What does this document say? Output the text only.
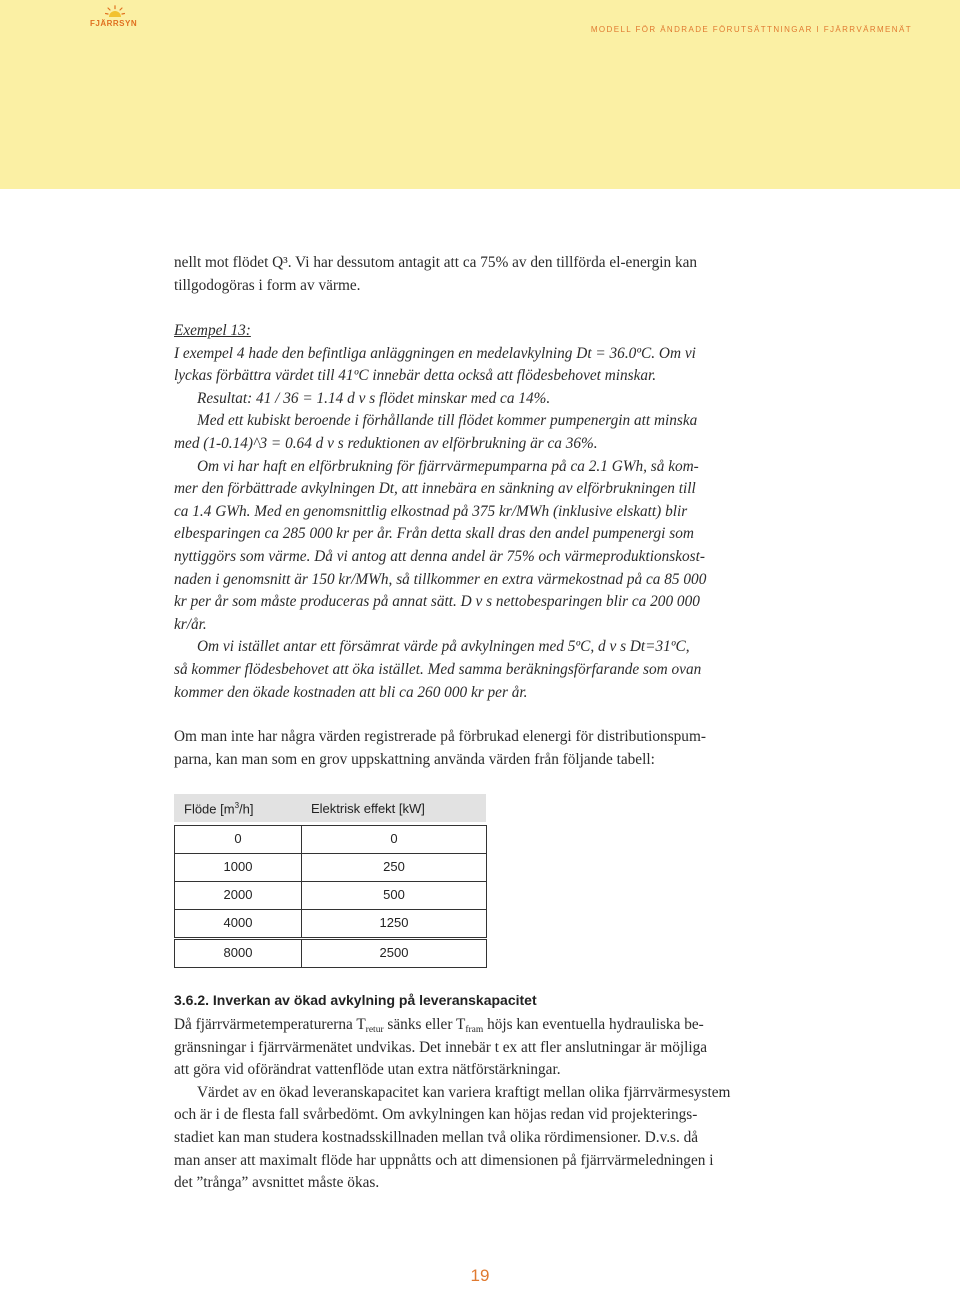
FJÄRRSYN
MODELL FÖR ÄNDRADE FÖRUTSÄTTNINGAR I FJÄRRVÄRMENÄT

nellt mot flödet Q³. Vi har dessutom antagit att ca 75% av den tillförda el-energin kan

tillgodogöras i form av värme.

Exempel 13:

I exempel 4 hade den befintliga anläggningen en medelavkylning Dt = 36.0ºC. Om vi

lyckas förbättra värdet till 41ºC innebär detta också att flödesbehovet minskar.

Resultat: 41 / 36 = 1.14 d v s flödet minskar med ca 14%.

Med ett kubiskt beroende i förhållande till flödet kommer pumpenergin att minska

med (1-0.14)^3 = 0.64 d v s reduktionen av elförbrukning är ca 36%.

Om vi har haft en elförbrukning för fjärrvärmepumparna på ca 2.1 GWh, så kom-

mer den förbättrade avkylningen Dt, att innebära en sänkning av elförbrukningen till

ca 1.4 GWh. Med en genomsnittlig elkostnad på 375 kr/MWh (inklusive elskatt) blir

elbesparingen ca 285 000 kr per år. Från detta skall dras den andel pumpenergi som

nyttiggörs som värme. Då vi antog att denna andel är 75% och värmeproduktionskost-

naden i genomsnitt är 150 kr/MWh, så tillkommer en extra värmekostnad på ca 85 000

kr per år som måste produceras på annat sätt. D v s nettobesparingen blir ca 200 000

kr/år.

Om vi istället antar ett försämrat värde på avkylningen med 5ºC, d v s Dt=31ºC,

så kommer flödesbehovet att öka istället. Med samma beräkningsförfarande som ovan

kommer den ökade kostnaden att bli ca 260 000 kr per år.

Om man inte har några värden registrerade på förbrukad elenergi för distributionspum-

parna, kan man som en grov uppskattning använda värden från följande tabell:

Flöde $[m^3/h]$	Elektrisk effekt [kW]
0	0
1000	250
2000	500
4000	1250
8000	2500
3.6.2. Inverkan av ökad avkylning på leveranskapacitet

Då fjärrvärmetemperaturerna $T_{retur}$ sänks eller $T_{fram}$ höjs kan eventuella hydrauliska be-

gränsningar i fjärrvärmenätet undvikas. Det innebär t ex att fler anslutningar är möjliga

att göra vid oförändrat vattenflöde utan extra nätförstärkningar.

Värdet av en ökad leveranskapacitet kan variera kraftigt mellan olika fjärrvärmesystem

och är i de flesta fall svårbedömt. Om avkylningen kan höjas redan vid projekterings-

stadiet kan man studera kostnadsskillnaden mellan två olika rördimensioner. D.v.s. då

man anser att maximalt flöde har uppnåtts och att dimensionen på fjärrvärmeledningen i

det ”trånga” avsnittet måste ökas.

19
